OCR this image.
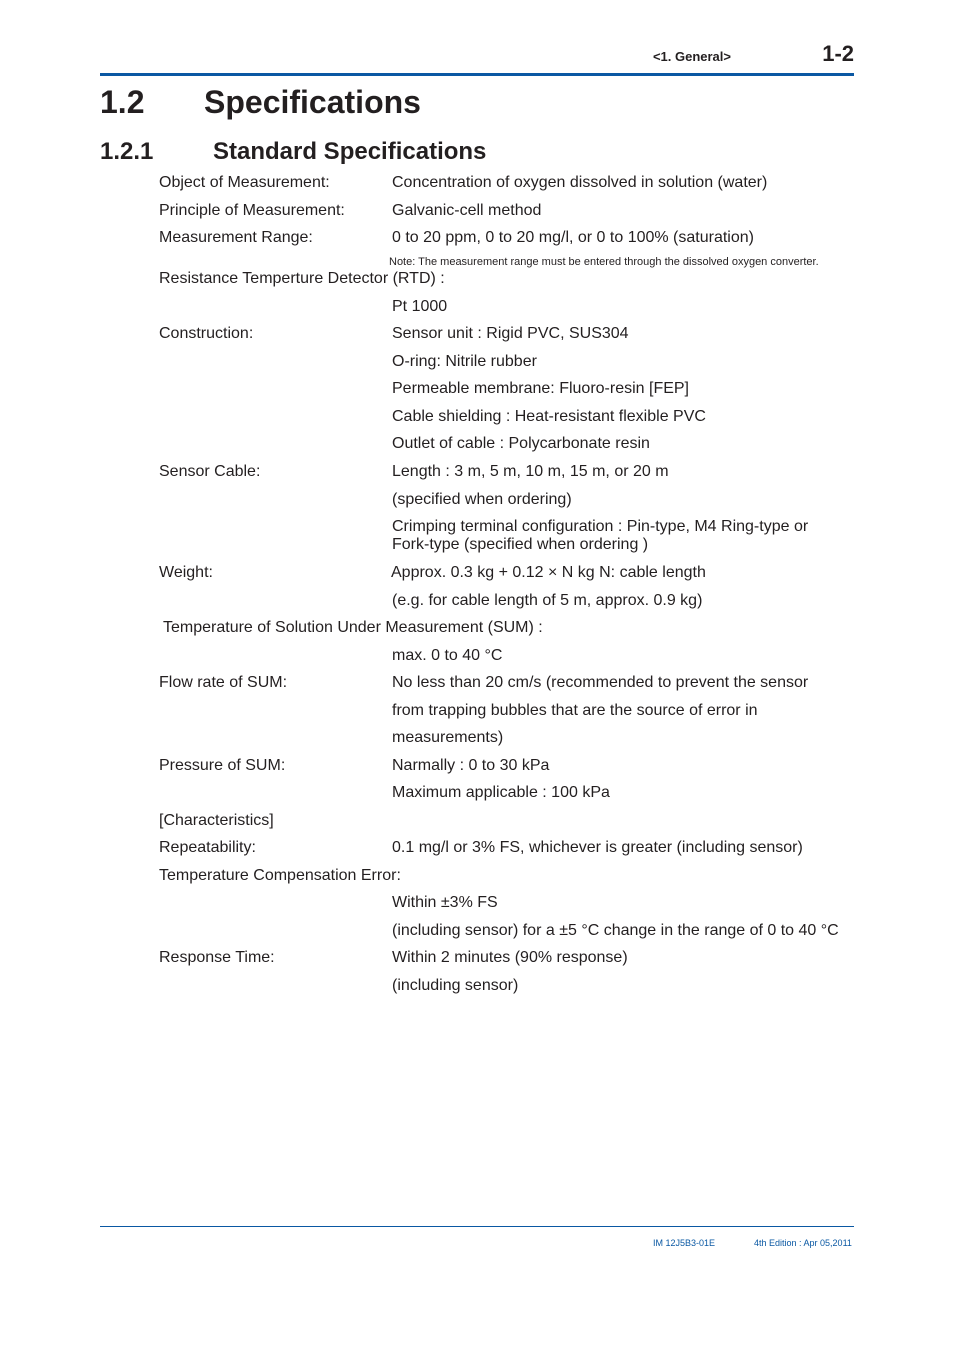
<1. General>	1-2
1.2 Specifications
1.2.1 Standard Specifications
Object of Measurement:	Concentration of oxygen dissolved in solution (water)
Principle of Measurement:	Galvanic-cell method
Measurement Range:	0 to 20 ppm, 0 to 20 mg/l, or 0 to 100% (saturation)
Note: The measurement range must be entered through the dissolved oxygen converter.
Resistance Temperture Detector (RTD) :
Pt 1000
Construction:	Sensor unit : Rigid PVC, SUS304
O-ring: Nitrile rubber
Permeable membrane: Fluoro-resin [FEP]
Cable shielding : Heat-resistant flexible PVC
Outlet of cable : Polycarbonate resin
Sensor Cable:	Length : 3 m, 5 m, 10 m, 15 m, or 20 m
(specified when ordering)
Crimping terminal configuration : Pin-type, M4 Ring-type or Fork-type (specified when ordering )
Weight:	Approx. 0.3 kg + 0.12 × N kg N: cable length
(e.g. for cable length of 5 m, approx. 0.9 kg)
Temperature of Solution Under Measurement (SUM) :
max. 0 to 40 °C
Flow rate of SUM:	No less than 20 cm/s (recommended to prevent the sensor
from trapping bubbles that are the source of error in
measurements)
Pressure of SUM:	Narmally : 0 to 30 kPa
Maximum applicable : 100 kPa
[Characteristics]
Repeatability:	0.1 mg/l or 3% FS, whichever is greater (including sensor)
Temperature Compensation Error:
Within ±3% FS
(including sensor) for a ±5 °C change in the range of 0 to 40 °C
Response Time:	Within 2 minutes (90% response)
(including sensor)
IM 12J5B3-01E	4th Edition : Apr 05,2011
